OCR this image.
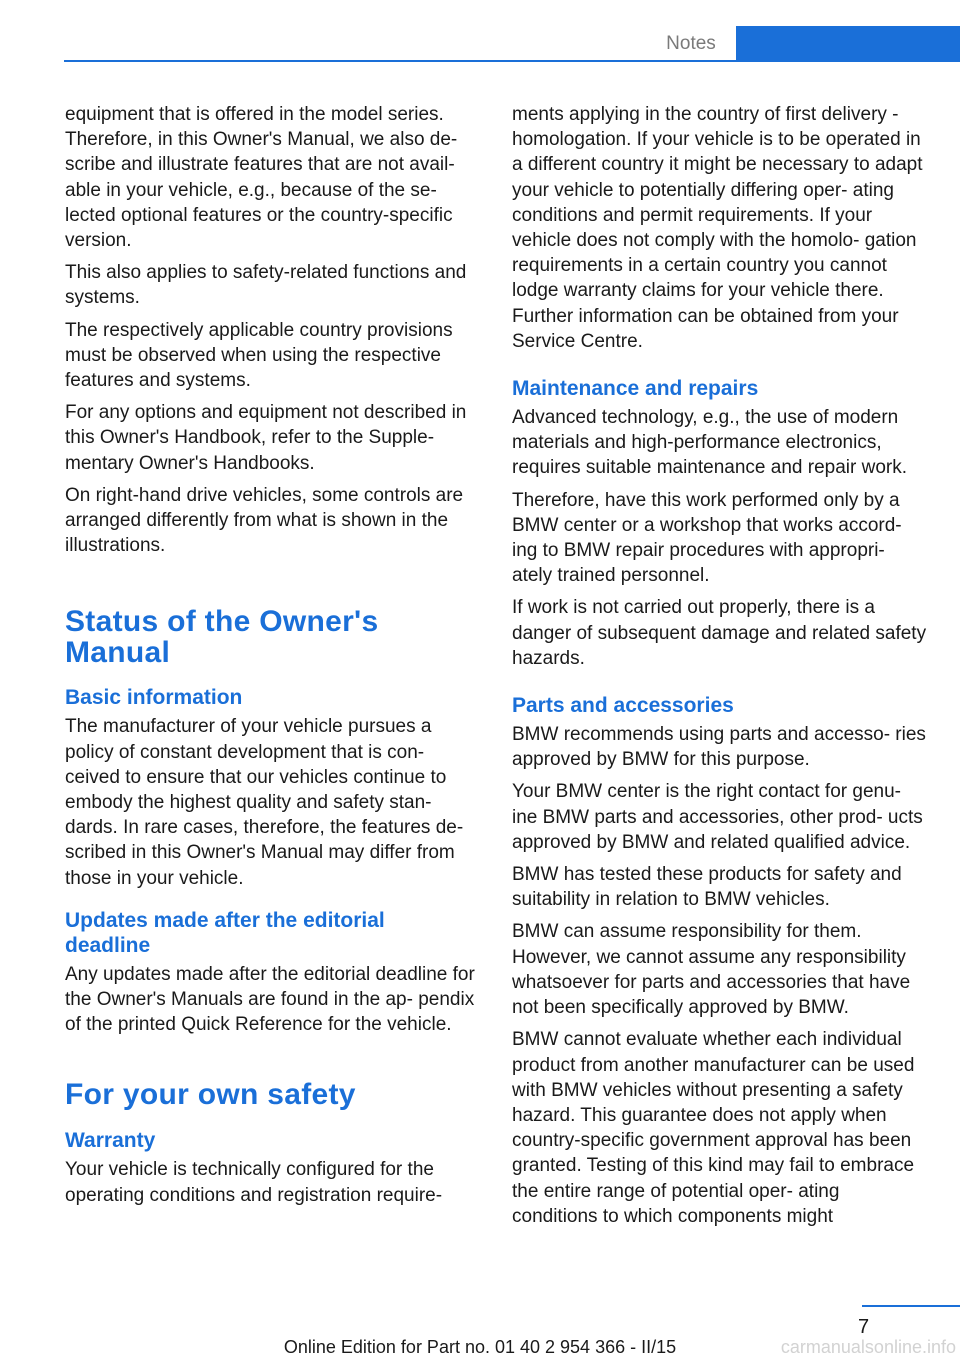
Notes

equipment that is offered in the model series. Therefore, in this Owner's Manual, we also de‐ scribe and illustrate features that are not avail‐ able in your vehicle, e.g., because of the se‐ lected optional features or the country-specific version.

This also applies to safety-related functions and systems.

The respectively applicable country provisions must be observed when using the respective features and systems.

For any options and equipment not described in this Owner's Handbook, refer to the Supple‐ mentary Owner's Handbooks.

On right-hand drive vehicles, some controls are arranged differently from what is shown in the illustrations.

Status of the Owner's Manual
Basic information

The manufacturer of your vehicle pursues a policy of constant development that is con‐ ceived to ensure that our vehicles continue to embody the highest quality and safety stan‐ dards. In rare cases, therefore, the features de‐ scribed in this Owner's Manual may differ from those in your vehicle.

Updates made after the editorial deadline

Any updates made after the editorial deadline for the Owner's Manuals are found in the ap‐ pendix of the printed Quick Reference for the vehicle.

For your own safety
Warranty

Your vehicle is technically configured for the operating conditions and registration require‐

ments applying in the country of first delivery - homologation. If your vehicle is to be operated in a different country it might be necessary to adapt your vehicle to potentially differing oper‐ ating conditions and permit requirements. If your vehicle does not comply with the homolo‐ gation requirements in a certain country you cannot lodge warranty claims for your vehicle there. Further information can be obtained from your Service Centre.

Maintenance and repairs

Advanced technology, e.g., the use of modern materials and high-performance electronics, requires suitable maintenance and repair work.

Therefore, have this work performed only by a BMW center or a workshop that works accord‐ ing to BMW repair procedures with appropri‐ ately trained personnel.

If work is not carried out properly, there is a danger of subsequent damage and related safety hazards.

Parts and accessories

BMW recommends using parts and accesso‐ ries approved by BMW for this purpose.

Your BMW center is the right contact for genu‐ ine BMW parts and accessories, other prod‐ ucts approved by BMW and related qualified advice.

BMW has tested these products for safety and suitability in relation to BMW vehicles.

BMW can assume responsibility for them. However, we cannot assume any responsibility whatsoever for parts and accessories that have not been specifically approved by BMW.

BMW cannot evaluate whether each individual product from another manufacturer can be used with BMW vehicles without presenting a safety hazard. This guarantee does not apply when country-specific government approval has been granted. Testing of this kind may fail to embrace the entire range of potential oper‐ ating conditions to which components might

7
Online Edition for Part no. 01 40 2 954 366 - II/15	carmanualsonline.info
